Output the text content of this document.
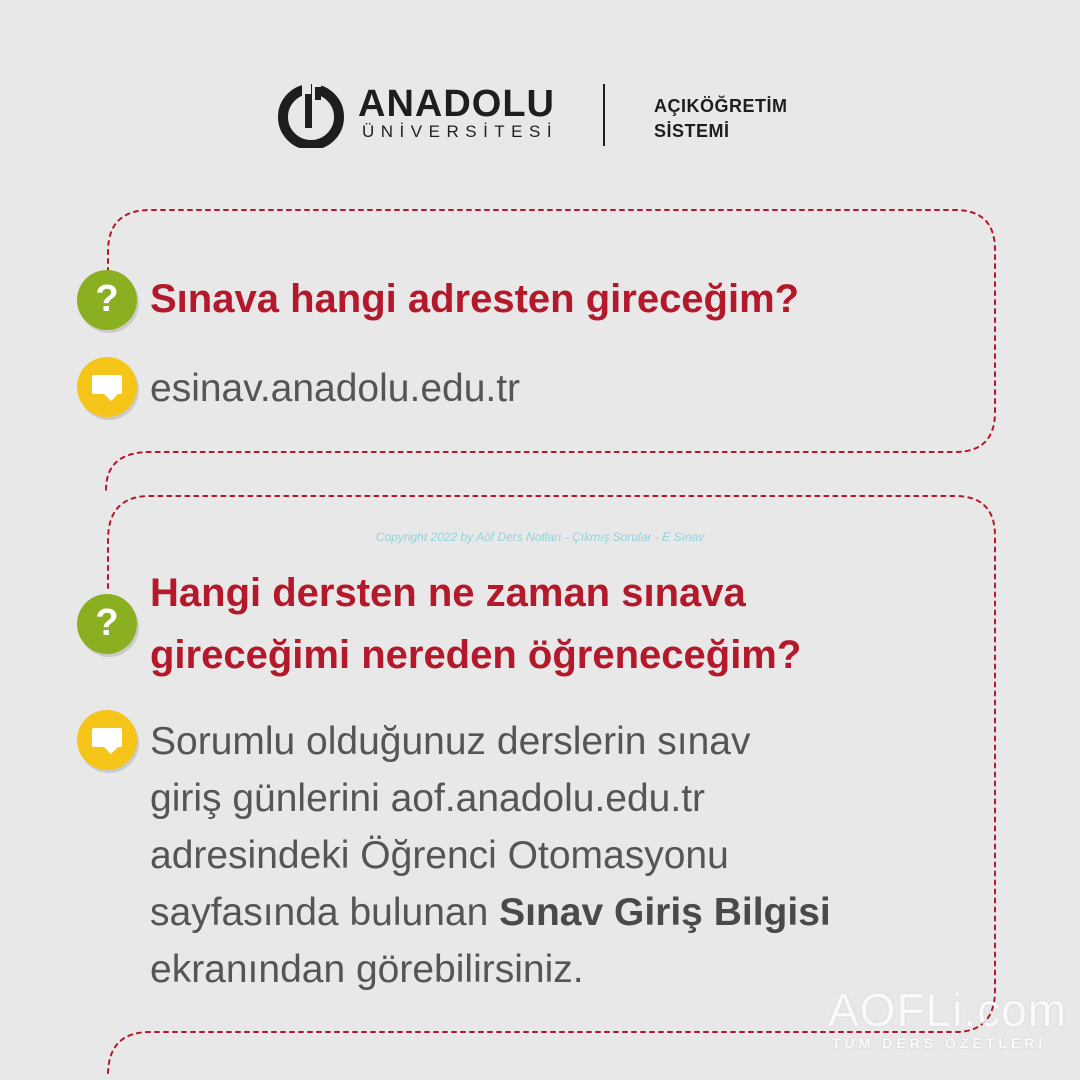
ANADOLU
ÜNİVERSİTESİ
AÇIKÖĞRETİM
SİSTEMİ
? Sınava hangi adresten gireceğim?

esinav.anadolu.edu.tr

Copyright 2022 by Aöf Ders Notları - Çıkmış Sorular - E Sınav
?
Hangi dersten ne zaman sınava
gireceğimi nereden öğreneceğim?
Sorumlu olduğunuz derslerin sınav
giriş günlerini aof.anadolu.edu.tr
adresindeki Öğrenci Otomasyonu
sayfasında bulunan Sınav Giriş Bilgisi
ekranından görebilirsiniz.
AOFLi.com
TÜM DERS ÖZETLERİ
